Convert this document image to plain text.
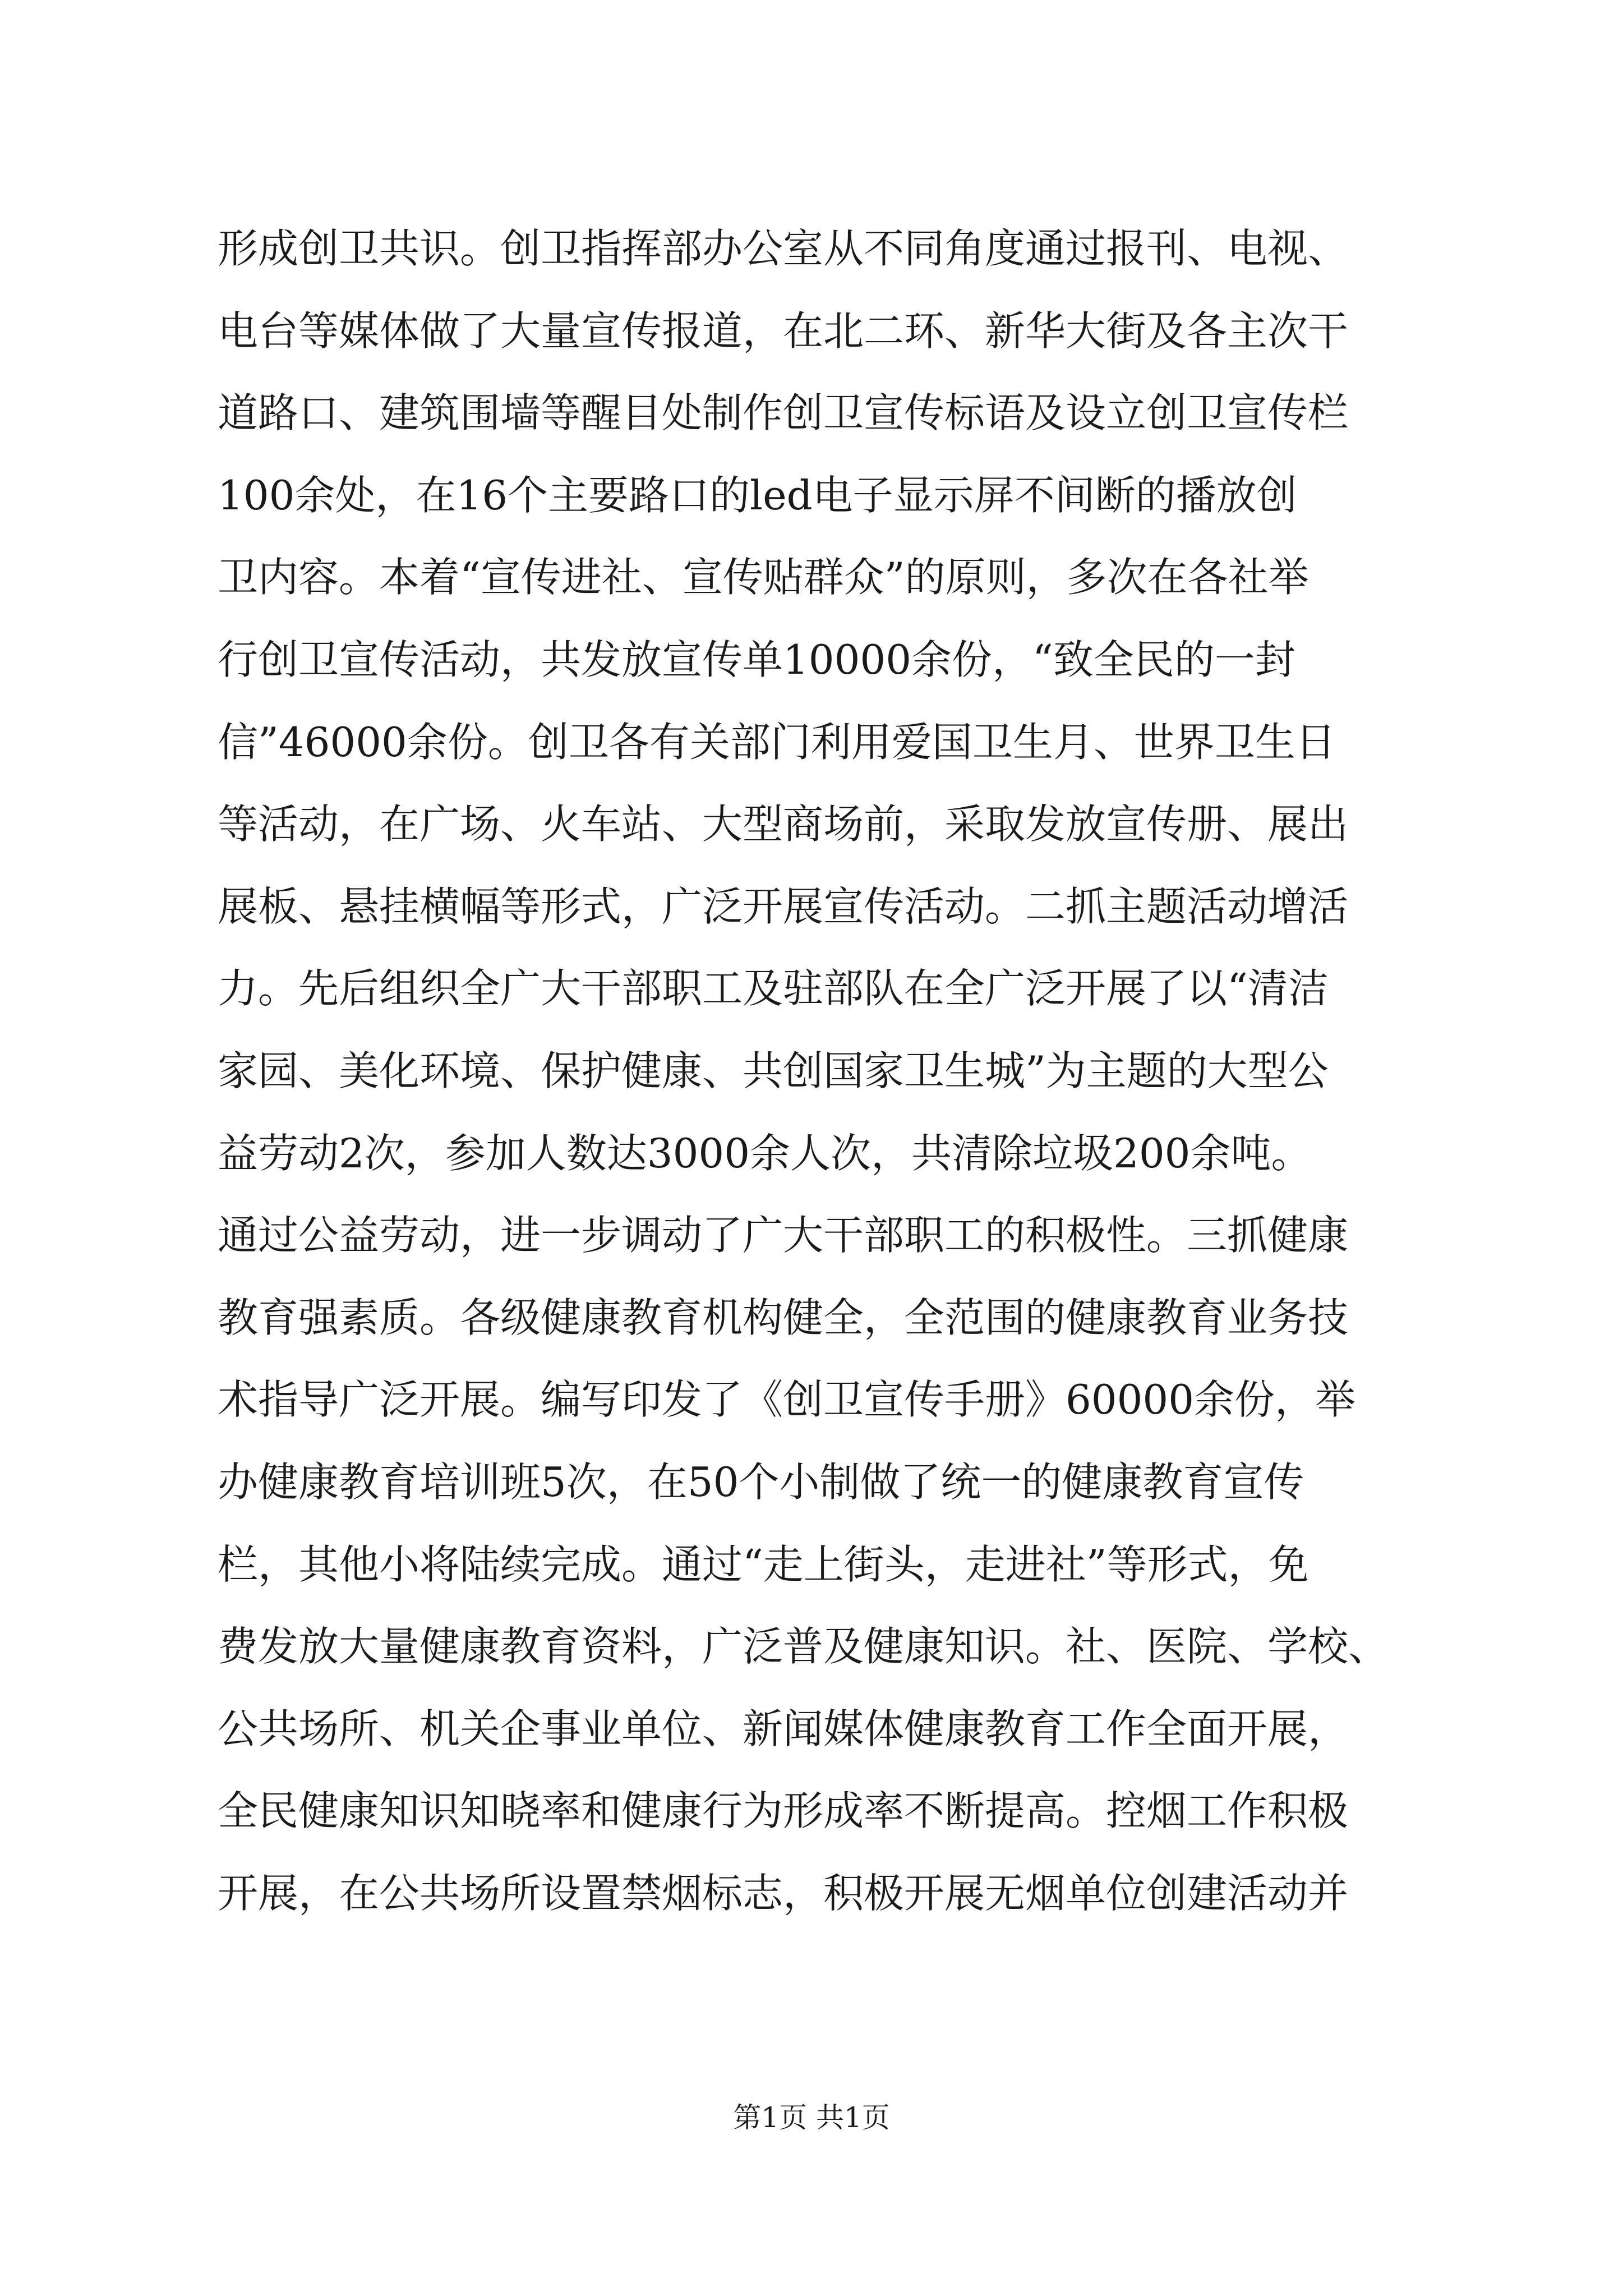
形成创卫共识。创卫指挥部办公室从不同角度通过报刊、电视、
电台等媒体做了大量宣传报道，在北二环、新华大街及各主次干
道路口、建筑围墙等醒目处制作创卫宣传标语及设立创卫宣传栏
100余处，在16个主要路口的led电子显示屏不间断的播放创
卫内容。本着“宣传进社、宣传贴群众”的原则，多次在各社举
行创卫宣传活动，共发放宣传单10000余份，“致全民的一封
信”46000余份。创卫各有关部门利用爱国卫生月、世界卫生日
等活动，在广场、火车站、大型商场前，采取发放宣传册、展出
展板、悬挂横幅等形式，广泛开展宣传活动。二抓主题活动增活
力。先后组织全广大干部职工及驻部队在全广泛开展了以“清洁
家园、美化环境、保护健康、共创国家卫生城”为主题的大型公
益劳动2次，参加人数达3000余人次，共清除垃圾200余吨。
通过公益劳动，进一步调动了广大干部职工的积极性。三抓健康
教育强素质。各级健康教育机构健全，全范围的健康教育业务技
术指导广泛开展。编写印发了《创卫宣传手册》60000余份，举
办健康教育培训班5次，在50个小制做了统一的健康教育宣传
栏，其他小将陆续完成。通过“走上街头，走进社”等形式，免
费发放大量健康教育资料，广泛普及健康知识。社、医院、学校、
公共场所、机关企事业单位、新闻媒体健康教育工作全面开展，
全民健康知识知晓率和健康行为形成率不断提高。控烟工作积极
开展，在公共场所设置禁烟标志，积极开展无烟单位创建活动并
第1页 共1页
